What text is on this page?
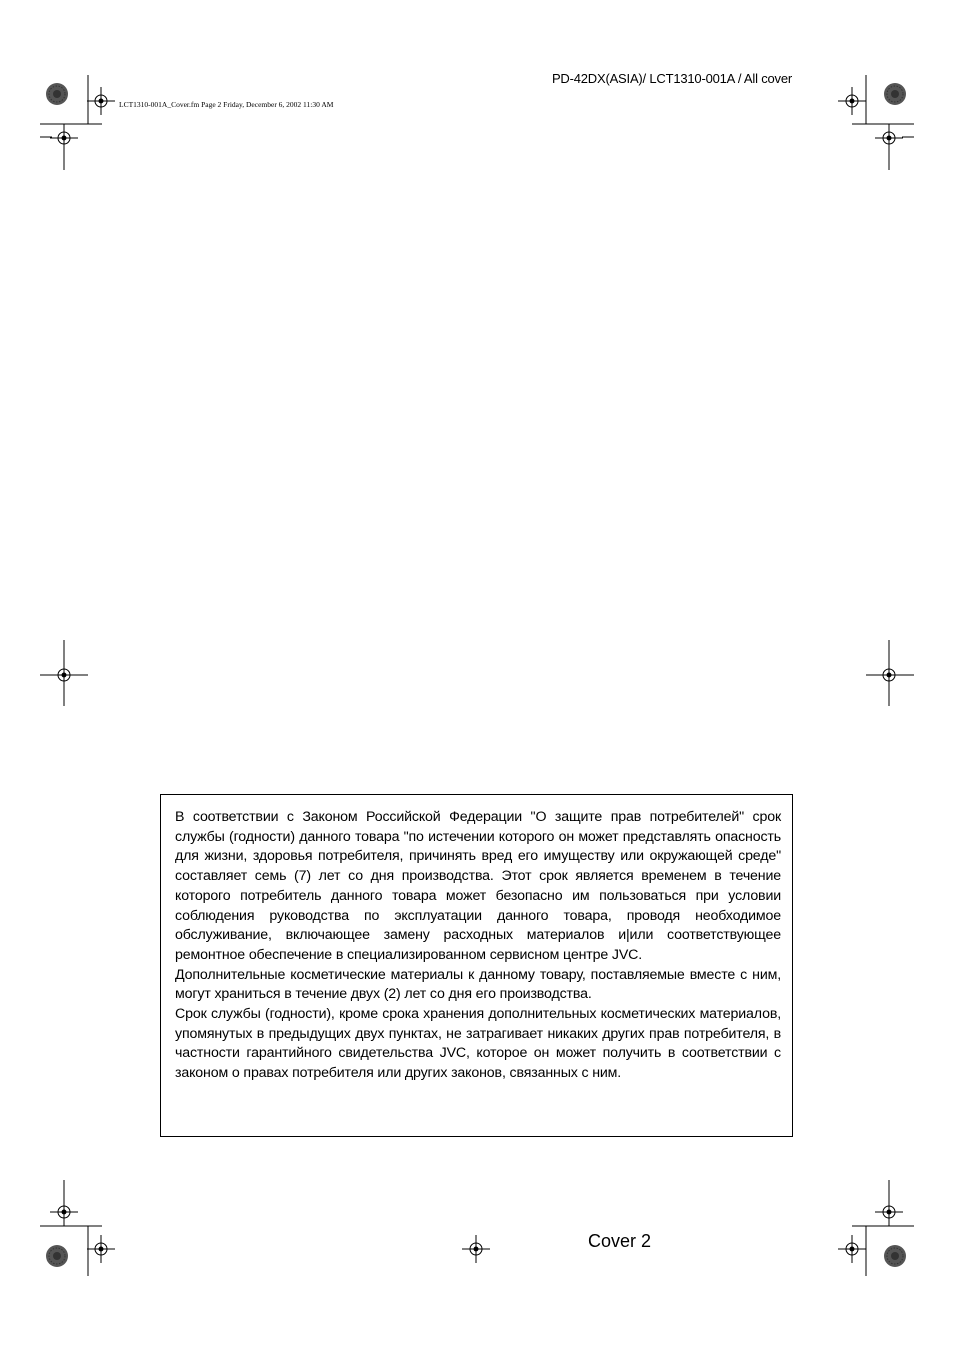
PD-42DX(ASIA)/ LCT1310-001A / All cover
LCT1310-001A_Cover.fm Page 2 Friday, December 6, 2002 11:30 AM

В соответствии с Законом Российской Федерации "О защите прав потребителей" срок службы (годности) данного товара "по истечении которого он может представлять опасность для жизни, здоровья потребителя, причинять вред его имуществу или окружающей среде" составляет семь (7) лет со дня производства. Этот срок является временем в течение которого потребитель данного товара может безопасно им пользоваться при условии соблюдения руководства по эксплуатации данного товара, проводя необходимое обслуживание, включающее замену расходных материалов и|или соответствующее ремонтное обеспечение в специализированном сервисном центре JVC.

Дополнительные косметические материалы к данному товару, поставляемые вместе с ним, могут храниться в течение двух (2) лет со дня его производства.

Срок службы (годности), кроме срока хранения дополнительных косметических материалов, упомянутых в предыдущих двух пунктах, не затрагивает никаких других прав потребителя, в частности гарантийного свидетельства JVC, которое он может получить в соответствии с законом о правах потребителя или других законов, связанных с ним.

Cover 2
